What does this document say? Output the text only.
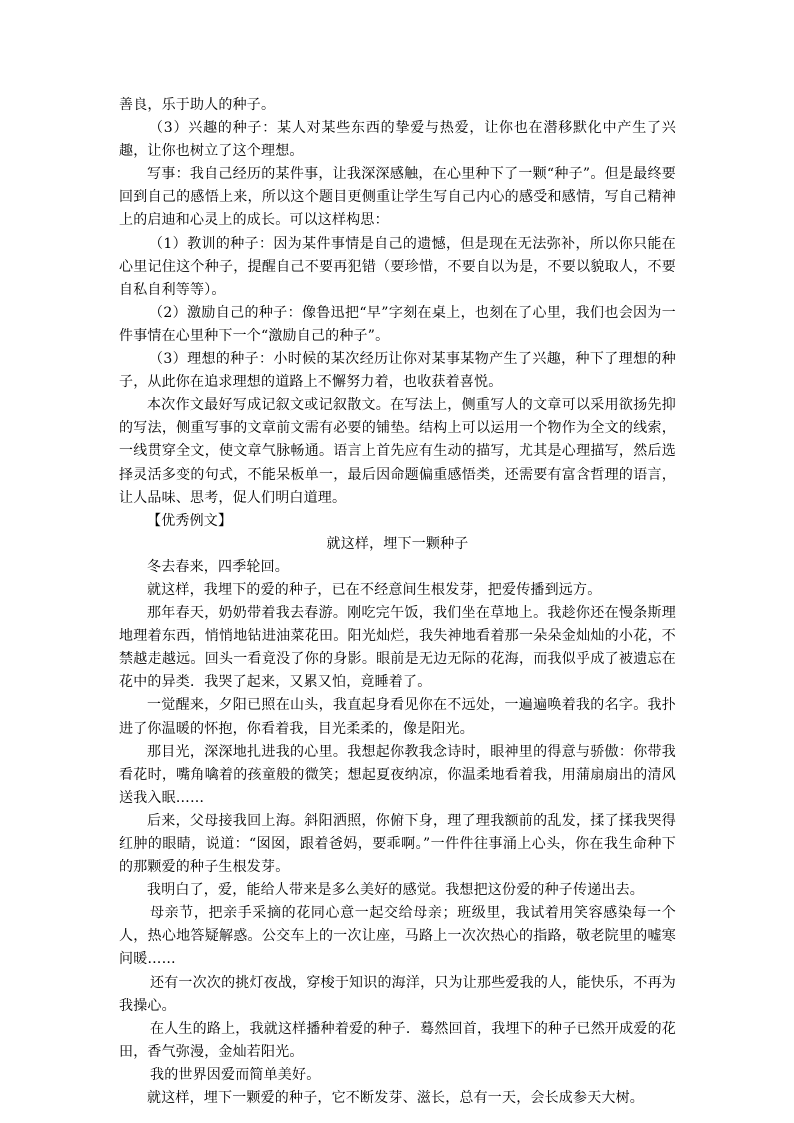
善良，乐于助人的种子。

（3）兴趣的种子：某人对某些东西的挚爱与热爱，让你也在潜移默化中产生了兴趣，让你也树立了这个理想。

写事：我自己经历的某件事，让我深深感触，在心里种下了一颗“种子”。但是最终要回到自己的感悟上来，所以这个题目更侧重让学生写自己内心的感受和感情，写自己精神上的启迪和心灵上的成长。可以这样构思：

（1）教训的种子：因为某件事情是自己的遗憾，但是现在无法弥补，所以你只能在心里记住这个种子，提醒自己不要再犯错（要珍惜，不要自以为是，不要以貌取人，不要自私自利等等）。

（2）激励自己的种子：像鲁迅把“早”字刻在桌上，也刻在了心里，我们也会因为一件事情在心里种下一个“激励自己的种子”。

（3）理想的种子：小时候的某次经历让你对某事某物产生了兴趣，种下了理想的种子，从此你在追求理想的道路上不懈努力着，也收获着喜悦。

本次作文最好写成记叙文或记叙散文。在写法上，侧重写人的文章可以采用欲扬先抑的写法，侧重写事的文章前文需有必要的铺垫。结构上可以运用一个物作为全文的线索，一线贯穿全文，使文章气脉畅通。语言上首先应有生动的描写，尤其是心理描写，然后选择灵活多变的句式，不能呆板单一，最后因命题偏重感悟类，还需要有富含哲理的语言，让人品味、思考，促人们明白道理。

【优秀例文】

就这样，埋下一颗种子

冬去春来，四季轮回。

就这样，我埋下的爱的种子，已在不经意间生根发芽，把爱传播到远方。

那年春天，奶奶带着我去春游。刚吃完午饭，我们坐在草地上。我趁你还在慢条斯理地理着东西，悄悄地钻进油菜花田。阳光灿烂，我失神地看着那一朵朵金灿灿的小花，不禁越走越远。回头一看竟没了你的身影。眼前是无边无际的花海，而我似乎成了被遗忘在花中的异类．我哭了起来，又累又怕，竟睡着了。

一觉醒来，夕阳已照在山头，我直起身看见你在不远处，一遍遍唤着我的名字。我扑进了你温暖的怀抱，你看着我，目光柔柔的，像是阳光。

那目光，深深地扎进我的心里。我想起你教我念诗时，眼神里的得意与骄傲：你带我看花时，嘴角噙着的孩童般的微笑；想起夏夜纳凉，你温柔地看着我，用蒲扇扇出的清风送我入眠……

后来，父母接我回上海。斜阳洒照，你俯下身，理了理我额前的乱发，揉了揉我哭得红肿的眼睛，说道：“囡囡，跟着爸妈，要乖啊。”一件件往事涌上心头，你在我生命种下的那颗爱的种子生根发芽。

我明白了，爱，能给人带来是多么美好的感觉。我想把这份爱的种子传递出去。

母亲节，把亲手采摘的花同心意一起交给母亲；班级里，我试着用笑容感染每一个人，热心地答疑解惑。公交车上的一次让座，马路上一次次热心的指路，敬老院里的嘘寒问暖……

还有一次次的挑灯夜战，穿梭于知识的海洋，只为让那些爱我的人，能快乐，不再为我操心。

在人生的路上，我就这样播种着爱的种子．蓦然回首，我埋下的种子已然开成爱的花田，香气弥漫，金灿若阳光。

我的世界因爱而简单美好。

就这样，埋下一颗爱的种子，它不断发芽、滋长，总有一天，会长成参天大树。
